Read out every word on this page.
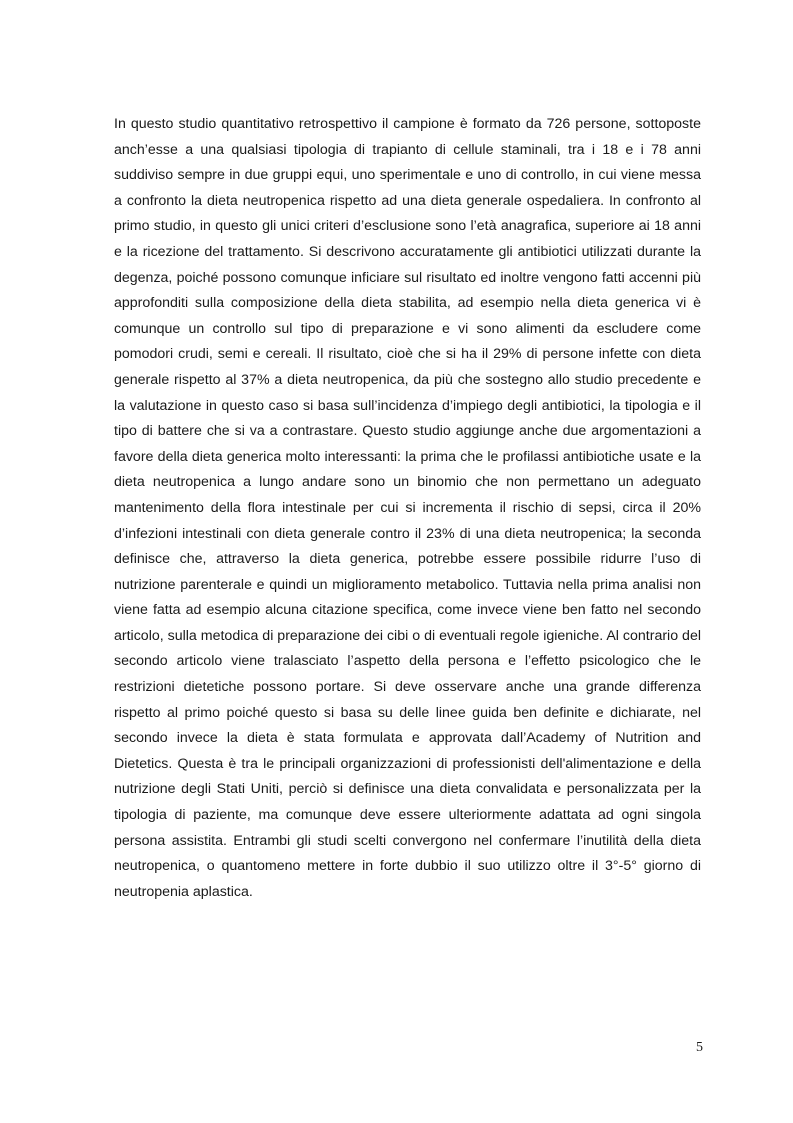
In questo studio quantitativo retrospettivo il campione è formato da 726 persone, sottoposte anch’esse a una qualsiasi tipologia di trapianto di cellule staminali, tra i 18 e i 78 anni suddiviso sempre in due gruppi equi, uno sperimentale e uno di controllo, in cui viene messa a confronto la dieta neutropenica rispetto ad una dieta generale ospedaliera. In confronto al primo studio, in questo gli unici criteri d’esclusione sono l’età anagrafica, superiore ai 18 anni e la ricezione del trattamento. Si descrivono accuratamente gli antibiotici utilizzati durante la degenza, poiché possono comunque inficiare sul risultato ed inoltre vengono fatti accenni più approfonditi sulla composizione della dieta stabilita, ad esempio nella dieta generica vi è comunque un controllo sul tipo di preparazione e vi sono alimenti da escludere come pomodori crudi, semi e cereali. Il risultato, cioè che si ha il 29% di persone infette con dieta generale rispetto al 37% a dieta neutropenica, da più che sostegno allo studio precedente e la valutazione in questo caso si basa sull’incidenza d’impiego degli antibiotici, la tipologia e il tipo di battere che si va a contrastare. Questo studio aggiunge anche due argomentazioni a favore della dieta generica molto interessanti: la prima che le profilassi antibiotiche usate e la dieta neutropenica a lungo andare sono un binomio che non permettano un adeguato mantenimento della flora intestinale per cui si incrementa il rischio di sepsi, circa il 20% d’infezioni intestinali con dieta generale contro il 23% di una dieta neutropenica; la seconda definisce che, attraverso la dieta generica, potrebbe essere possibile ridurre l’uso di nutrizione parenterale e quindi un miglioramento metabolico. Tuttavia nella prima analisi non viene fatta ad esempio alcuna citazione specifica, come invece viene ben fatto nel secondo articolo, sulla metodica di preparazione dei cibi o di eventuali regole igieniche. Al contrario del secondo articolo viene tralasciato l’aspetto della persona e l’effetto psicologico che le restrizioni dietetiche possono portare. Si deve osservare anche una grande differenza rispetto al primo poiché questo si basa su delle linee guida ben definite e dichiarate, nel secondo invece la dieta è stata formulata e approvata dall’Academy of Nutrition and Dietetics. Questa è tra le principali organizzazioni di professionisti dell'alimentazione e della nutrizione degli Stati Uniti, perciò si definisce una dieta convalidata e personalizzata per la tipologia di paziente, ma comunque deve essere ulteriormente adattata ad ogni singola persona assistita. Entrambi gli studi scelti convergono nel confermare l’inutilità della dieta neutropenica, o quantomeno mettere in forte dubbio il suo utilizzo oltre il 3°-5° giorno di neutropenia aplastica.

5
